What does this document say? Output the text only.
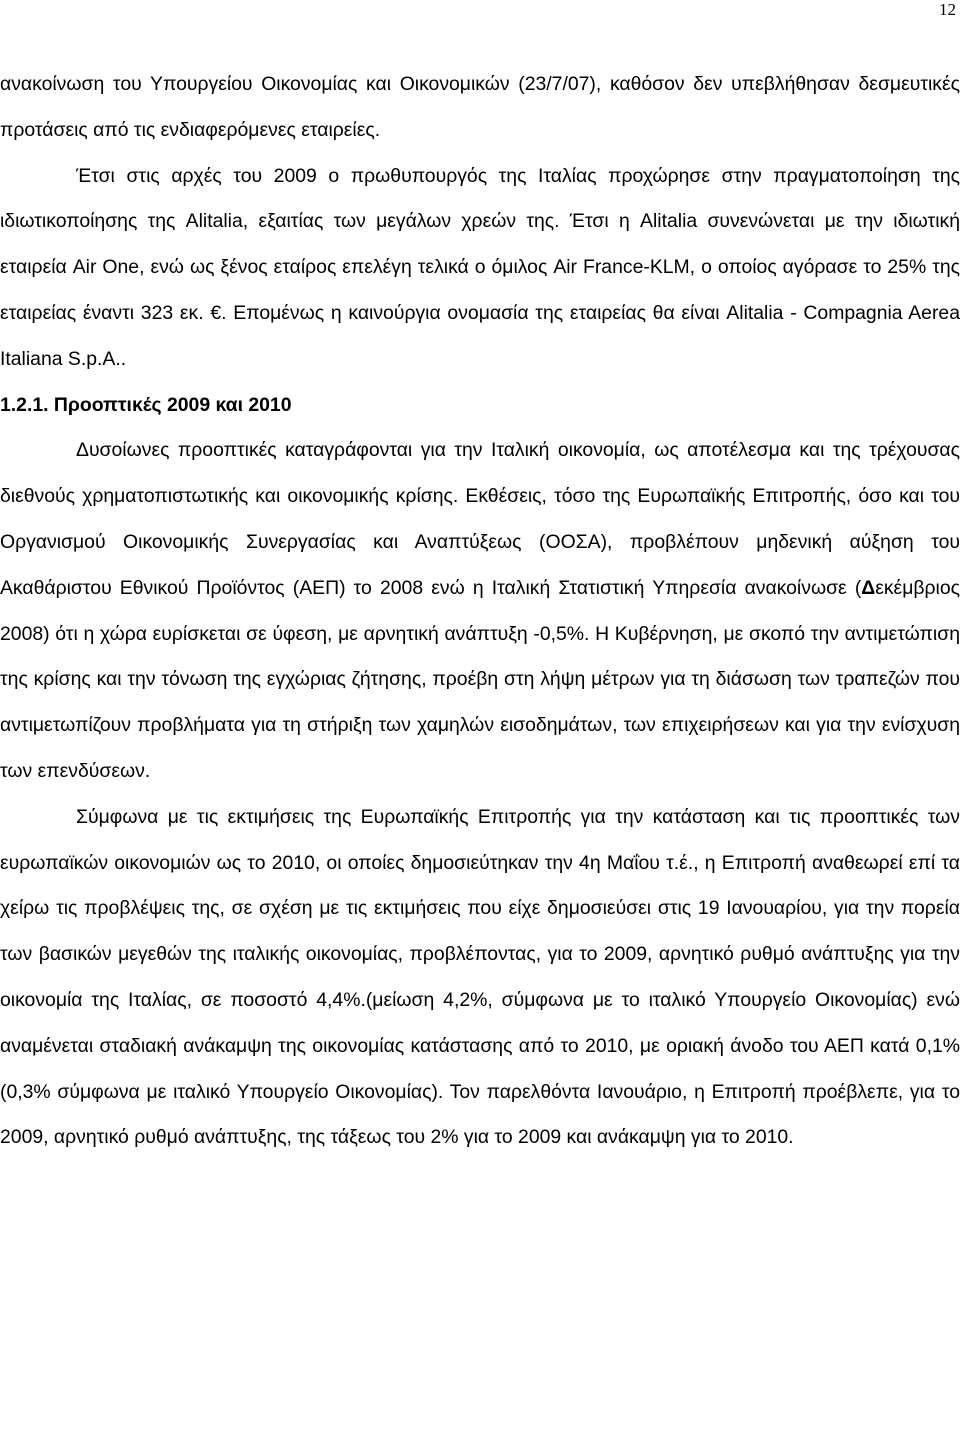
12

ανακοίνωση του Υπουργείου Οικονομίας και Οικονομικών (23/7/07), καθόσον δεν υπεβλήθησαν δεσμευτικές προτάσεις από τις ενδιαφερόμενες εταιρείες.

Έτσι στις αρχές του 2009 ο πρωθυπουργός της Ιταλίας προχώρησε στην πραγματοποίηση της ιδιωτικοποίησης της Alitalia, εξαιτίας των μεγάλων χρεών της. Έτσι η Alitalia συνενώνεται με την ιδιωτική εταιρεία Air One, ενώ ως ξένος εταίρος επελέγη τελικά ο όμιλος Air France-KLM, ο οποίος αγόρασε το 25% της εταιρείας έναντι 323 εκ. €. Επομένως η καινούργια ονομασία της εταιρείας θα είναι Alitalia - Compagnia Aerea Italiana S.p.A..

1.2.1. Προοπτικές 2009 και 2010

Δυσοίωνες προοπτικές καταγράφονται για την Ιταλική οικονομία, ως αποτέλεσμα και της τρέχουσας διεθνούς χρηματοπιστωτικής και οικονομικής κρίσης. Εκθέσεις, τόσο της Ευρωπαϊκής Επιτροπής, όσο και του Οργανισμού Οικονομικής Συνεργασίας και Αναπτύξεως (ΟΟΣΑ), προβλέπουν μηδενική αύξηση του Ακαθάριστου Εθνικού Προϊόντος (ΑΕΠ) το 2008 ενώ η Ιταλική Στατιστική Υπηρεσία ανακοίνωσε (Δεκέμβριος 2008) ότι η χώρα ευρίσκεται σε ύφεση, με αρνητική ανάπτυξη -0,5%. Η Κυβέρνηση, με σκοπό την αντιμετώπιση της κρίσης και την τόνωση της εγχώριας ζήτησης, προέβη στη λήψη μέτρων για τη διάσωση των τραπεζών που αντιμετωπίζουν προβλήματα για τη στήριξη των χαμηλών εισοδημάτων, των επιχειρήσεων και για την ενίσχυση των επενδύσεων.

Σύμφωνα με τις εκτιμήσεις της Ευρωπαϊκής Επιτροπής για την κατάσταση και τις προοπτικές των ευρωπαϊκών οικονομιών ως το 2010, οι οποίες δημοσιεύτηκαν την 4η Μαΐου τ.έ., η Επιτροπή αναθεωρεί επί τα χείρω τις προβλέψεις της, σε σχέση με τις εκτιμήσεις που είχε δημοσιεύσει στις 19 Ιανουαρίου, για την πορεία των βασικών μεγεθών της ιταλικής οικονομίας, προβλέποντας, για το 2009, αρνητικό ρυθμό ανάπτυξης για την οικονομία της Ιταλίας, σε ποσοστό 4,4%.(μείωση 4,2%, σύμφωνα με το ιταλικό Υπουργείο Οικονομίας) ενώ αναμένεται σταδιακή ανάκαμψη της οικονομίας κατάστασης από το 2010, με οριακή άνοδο του ΑΕΠ κατά 0,1% (0,3% σύμφωνα με ιταλικό Υπουργείο Οικονομίας). Τον παρελθόντα Ιανουάριο, η Επιτροπή προέβλεπε, για το 2009, αρνητικό ρυθμό ανάπτυξης, της τάξεως του 2% για το 2009 και ανάκαμψη για το 2010.
